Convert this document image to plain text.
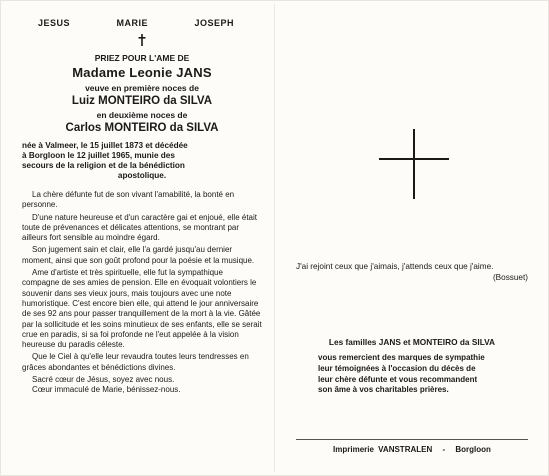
JESUS	MARIE	JOSEPH
PRIEZ POUR L'AME DE
Madame Leonie JANS
veuve en première noces de
Luiz MONTEIRO da SILVA
en deuxième noces de
Carlos MONTEIRO da SILVA

née à Valmeer, le 15 juillet 1873 et décédée

à Borgloon le 12 juillet 1965, munie des

secours de la religion et de la bénédiction

apostolique.

La chère défunte fut de son vivant l'amabilité, la bonté en personne.

D'une nature heureuse et d'un caractère gai et enjoué, elle était toute de prévenances et délicates attentions, se montrant par ailleurs fort sensible au moindre égard.

Son jugement sain et clair, elle l'a gardé jusqu'au dernier moment, ainsi que son goût profond pour la poésie et la musique.

Ame d'artiste et très spirituelle, elle fut la sympathique compagne de ses amies de pension. Elle en évoquait volontiers le souvenir dans ses vieux jours, mais toujours avec une note humoristique. C'est encore bien elle, qui attend le jour anniversaire de ses 92 ans pour passer tranquillement de la mort à la vie. Gâtée par la sollicitude et les soins minutieux de ses enfants, elle se serait crue en paradis, si sa foi profonde ne l'eut appelée à la vision heureuse du paradis céleste.

Que le Ciel à qu'elle leur revaudra toutes leurs tendresses en grâces abondantes et bénédictions divines.

Sacré cœur de Jésus, soyez avec nous.

Cœur immaculé de Marie, bénissez-nous.

J'ai rejoint ceux que j'aimais, j'attends ceux que j'aime.
(Bossuet)
Les familles JANS et MONTEIRO da SILVA

vous remercient des marques de sympathie

leur témoignées à l'occasion du décès de

leur chère défunte et vous recommandent

son âme à vos charitables prières.

Imprimerie VANSTRALEN - Borgloon
